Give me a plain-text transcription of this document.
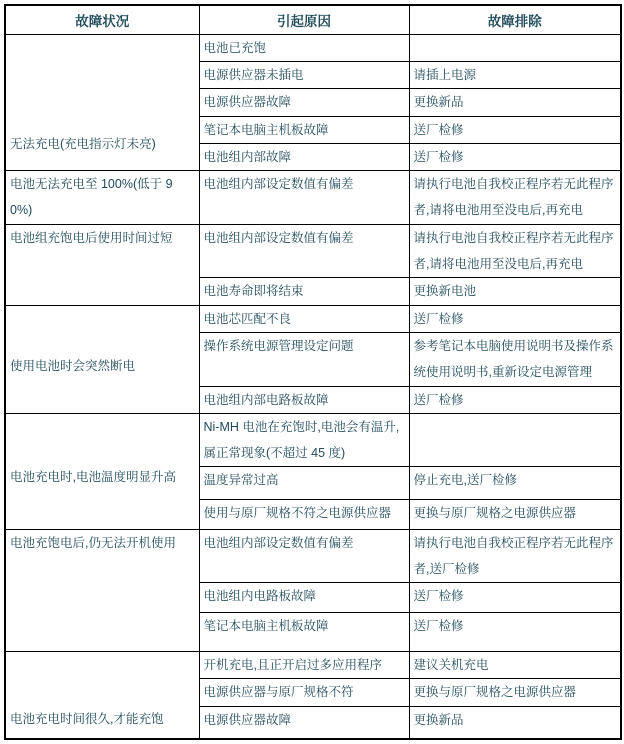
故障状况	引起原因	故障排除
无法充电(充电指示灯未亮)	电池已充饱	
	电源供应器未插电	请插上电源
	电源供应器故障	更换新品
	笔记本电脑主机板故障	送厂检修
	电池组内部故障	送厂检修
电池无法充电至 100%(低于 90%)	电池组内部设定数值有偏差	请执行电池自我校正程序若无此程序者,请将电池用至没电后,再充电
电池组充饱电后使用时间过短	电池组内部设定数值有偏差	请执行电池自我校正程序若无此程序者,请将电池用至没电后,再充电
	电池寿命即将结束	更换新电池
使用电池时会突然断电	电池芯匹配不良	送厂检修
	操作系统电源管理设定问题	参考笔记本电脑使用说明书及操作系统使用说明书,重新设定电源管理
	电池组内部电路板故障	送厂检修
电池充电时,电池温度明显升高	Ni-MH 电池在充饱时,电池会有温升,属正常现象(不超过 45 度)	
	温度异常过高	停止充电,送厂检修
	使用与原厂规格不符之电源供应器	更换与原厂规格之电源供应器
电池充饱电后,仍无法开机使用	电池组内部设定数值有偏差	请执行电池自我校正程序若无此程序者,送厂检修
	电池组内电路板故障	送厂检修
	笔记本电脑主机板故障	送厂检修
电池充电时间很久,才能充饱	开机充电,且正开启过多应用程序	建议关机充电
	电源供应器与原厂规格不符	更换与原厂规格之电源供应器
	电源供应器故障	更换新品
